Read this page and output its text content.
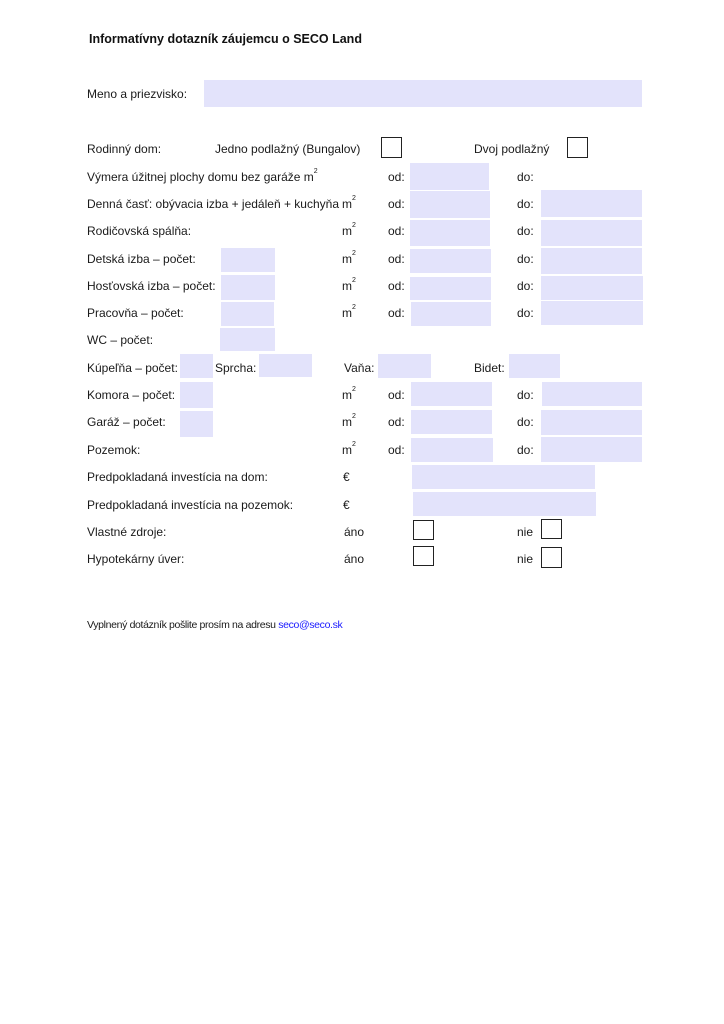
Informatívny dotazník záujemcu o SECO Land
Meno a priezvisko:
Rodinný dom:	Jedno podlažný (Bungalov)	Dvoj podlažný
Výmera úžitnej plochy domu bez garáže $m^2$	od:	do:
Denná časť: obývacia izba + jedáleň + kuchyňa $m^2$	od:	do:
Rodičovská spálňa:	$m^2$	od:	do:
Detská izba – počet:	$m^2$	od:	do:
Hosťovská izba – počet:	$m^2$	od:	do:
Pracovňa – počet:	$m^2$	od:	do:
WC – počet:
Kúpeľňa – počet:	Sprcha:	Vaňa:	Bidet:
Komora – počet:	$m^2$	od:	do:
Garáž – počet:	$m^2$	od:	do:
Pozemok:	$m^2$	od:	do:
Predpokladaná investícia na dom:	€
Predpokladaná investícia na pozemok:	€
Vlastné zdroje:	áno	nie
Hypotekárny úver:	áno	nie
Vyplnený dotázník pošlite prosím na adresu seco@seco.sk
